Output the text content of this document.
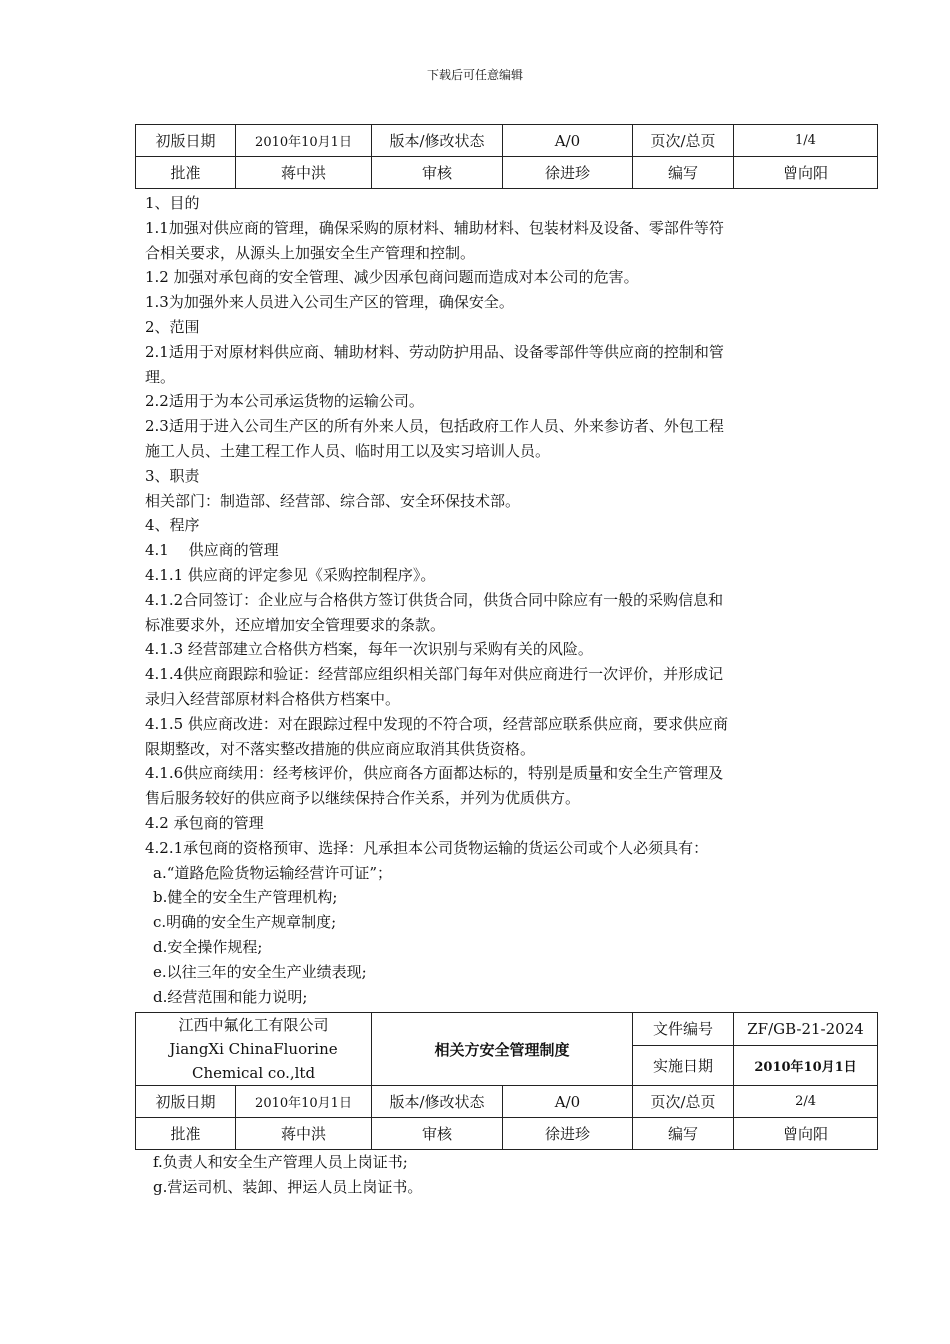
下载后可任意编辑
初版日期	2010年10月1日	版本/修改状态	A/0	页次/总页	1/4
批准	蒋中洪	审核	徐进珍	编写	曾向阳

1、目的

1.1加强对供应商的管理，确保采购的原材料、辅助材料、包装材料及设备、零部件等符

合相关要求，从源头上加强安全生产管理和控制。

1.2 加强对承包商的安全管理、减少因承包商问题而造成对本公司的危害。

1.3为加强外来人员进入公司生产区的管理，确保安全。

2、范围

2.1适用于对原材料供应商、辅助材料、劳动防护用品、设备零部件等供应商的控制和管

理。

2.2适用于为本公司承运货物的运输公司。

2.3适用于进入公司生产区的所有外来人员，包括政府工作人员、外来参访者、外包工程

施工人员、土建工程工作人员、临时用工以及实习培训人员。

3、职责

相关部门：制造部、经营部、综合部、安全环保技术部。

4、程序

4.1　 供应商的管理

4.1.1 供应商的评定参见《采购控制程序》。

4.1.2合同签订：企业应与合格供方签订供货合同，供货合同中除应有一般的采购信息和

标准要求外，还应增加安全管理要求的条款。

4.1.3 经营部建立合格供方档案，每年一次识别与采购有关的风险。

4.1.4供应商跟踪和验证：经营部应组织相关部门每年对供应商进行一次评价，并形成记

录归入经营部原材料合格供方档案中。

4.1.5 供应商改进：对在跟踪过程中发现的不符合项，经营部应联系供应商，要求供应商

限期整改，对不落实整改措施的供应商应取消其供货资格。

4.1.6供应商续用：经考核评价，供应商各方面都达标的，特别是质量和安全生产管理及

售后服务较好的供应商予以继续保持合作关系，并列为优质供方。

4.2 承包商的管理

4.2.1承包商的资格预审、选择：凡承担本公司货物运输的货运公司或个人必须具有：

a.“道路危险货物运输经营许可证”；

b.健全的安全生产管理机构;

c.明确的安全生产规章制度;

d.安全操作规程;

e.以往三年的安全生产业绩表现;

d.经营范围和能力说明;

江西中氟化工有限公司
JiangXi ChinaFluorine Chemical co.,ltd		相关方安全管理制度		文件编号	ZF/GB-21-2024
				实施日期	2010年10月1日
初版日期	2010年10月1日	版本/修改状态	A/0	页次/总页	2/4
批准	蒋中洪	审核	徐进珍	编写	曾向阳

f.负责人和安全生产管理人员上岗证书;

g.营运司机、装卸、押运人员上岗证书。
